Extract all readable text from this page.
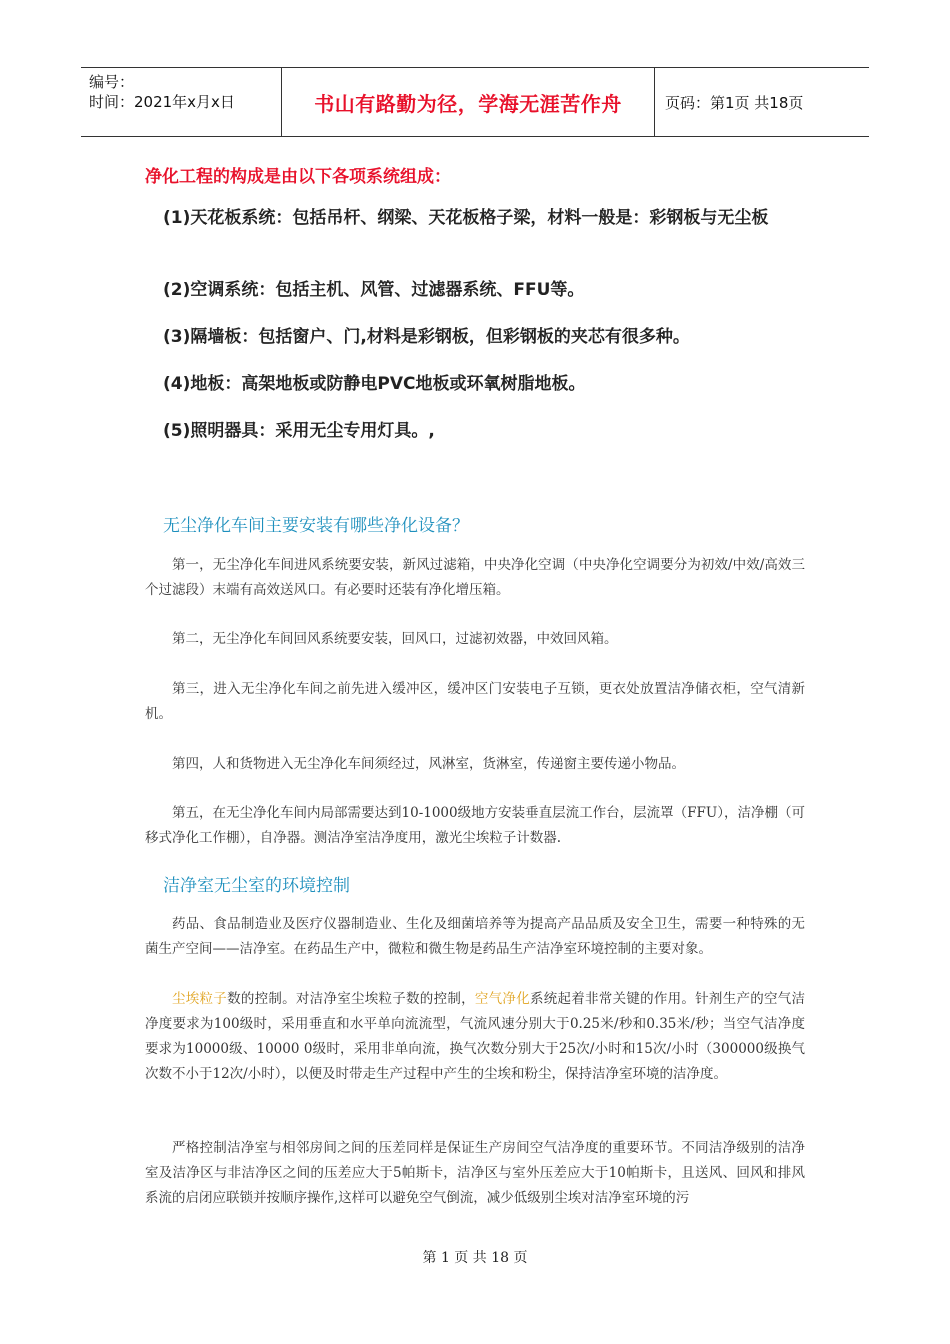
编号：
时间：2021年x月x日	书山有路勤为径，学海无涯苦作舟	页码：第1页 共18页
净化工程的构成是由以下各项系统组成：
(1)天花板系统：包括吊杆、纲梁、天花板格子梁，材料一般是：彩钢板与无尘板
(2)空调系统：包括主机、风管、过滤器系统、FFU等。
(3)隔墙板：包括窗户、门,材料是彩钢板，但彩钢板的夹芯有很多种。
(4)地板：高架地板或防静电PVC地板或环氧树脂地板。
(5)照明器具：采用无尘专用灯具。,
无尘净化车间主要安装有哪些净化设备？
第一，无尘净化车间进风系统要安装，新风过滤箱，中央净化空调（中央净化空调要分为初效/中效/高效三个过滤段）末端有高效送风口。有必要时还装有净化增压箱。
第二，无尘净化车间回风系统要安装，回风口，过滤初效器，中效回风箱。
第三，进入无尘净化车间之前先进入缓冲区，缓冲区门安装电子互锁，更衣处放置洁净储衣柜，空气清新机。
第四，人和货物进入无尘净化车间须经过，风淋室，货淋室，传递窗主要传递小物品。
第五，在无尘净化车间内局部需要达到10-1000级地方安装垂直层流工作台，层流罩（FFU），洁净棚（可移式净化工作棚），自净器。测洁净室洁净度用，激光尘埃粒子计数器.
洁净室无尘室的环境控制
药品、食品制造业及医疗仪器制造业、生化及细菌培养等为提高产品品质及安全卫生，需要一种特殊的无菌生产空间——洁净室。在药品生产中，微粒和微生物是药品生产洁净室环境控制的主要对象。
尘埃粒子数的控制。对洁净室尘埃粒子数的控制，空气净化系统起着非常关键的作用。针剂生产的空气洁净度要求为100级时，采用垂直和水平单向流流型，气流风速分别大于0.25米/秒和0.35米/秒；当空气洁净度要求为10000级、10000 0级时，采用非单向流，换气次数分别大于25次/小时和15次/小时（300000级换气次数不小于12次/小时），以便及时带走生产过程中产生的尘埃和粉尘，保持洁净室环境的洁净度。
严格控制洁净室与相邻房间之间的压差同样是保证生产房间空气洁净度的重要环节。不同洁净级别的洁净室及洁净区与非洁净区之间的压差应大于5帕斯卡，洁净区与室外压差应大于10帕斯卡，且送风、回风和排风系流的启闭应联锁并按顺序操作,这样可以避免空气倒流，减少低级别尘埃对洁净室环境的污
第 1 页 共 18 页
